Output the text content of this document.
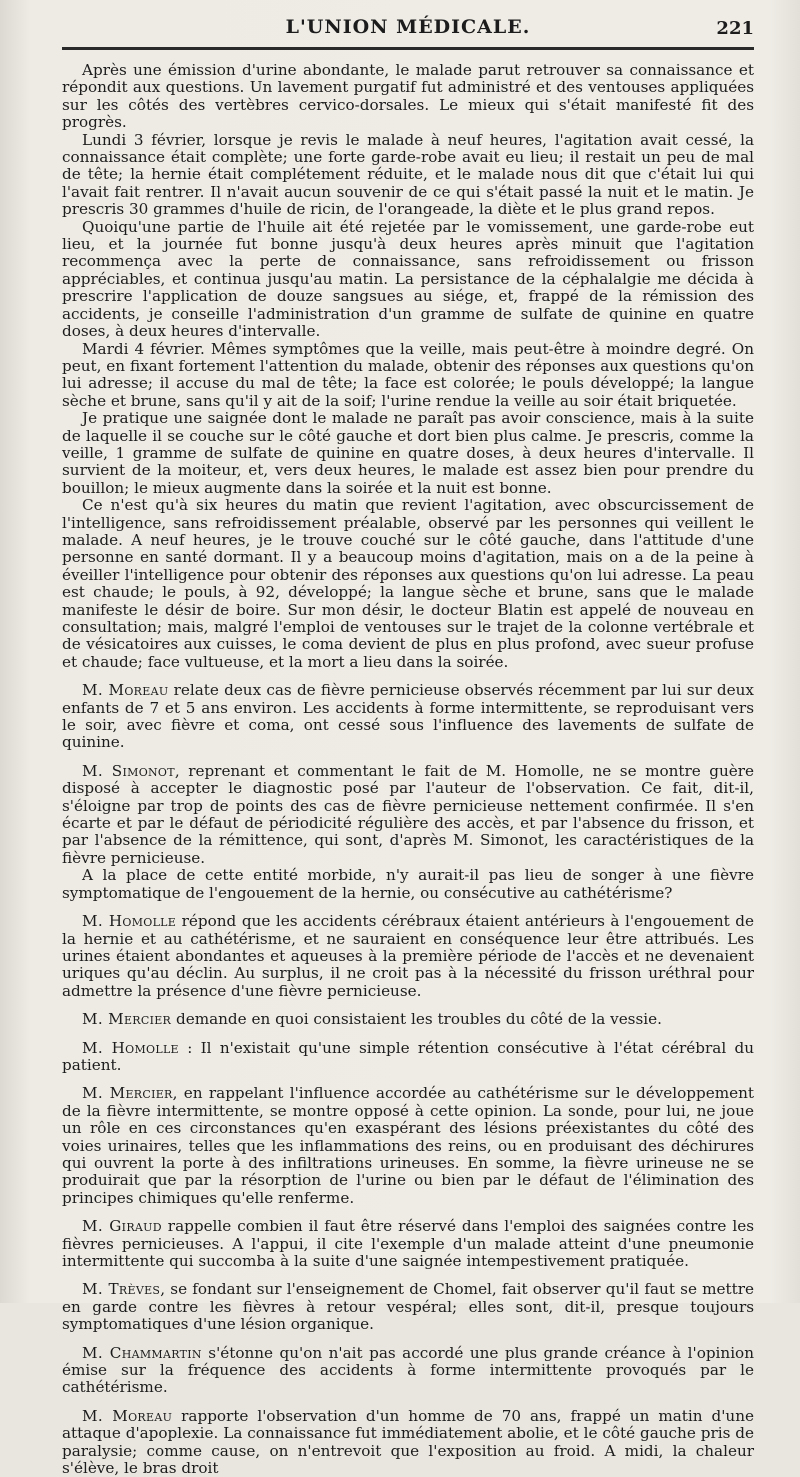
L'UNION MÉDICALE.	221

Après une émission d'urine abondante, le malade parut retrouver sa connaissance et répondit aux questions. Un lavement purgatif fut administré et des ventouses appliquées sur les côtés des vertèbres cervico-dorsales. Le mieux qui s'était manifesté fit des progrès.

Lundi 3 février, lorsque je revis le malade à neuf heures, l'agitation avait cessé, la connaissance était complète; une forte garde-robe avait eu lieu; il restait un peu de mal de tête; la hernie était complétement réduite, et le malade nous dit que c'était lui qui l'avait fait rentrer. Il n'avait aucun souvenir de ce qui s'était passé la nuit et le matin. Je prescris 30 grammes d'huile de ricin, de l'orangeade, la diète et le plus grand repos.

Quoiqu'une partie de l'huile ait été rejetée par le vomissement, une garde-robe eut lieu, et la journée fut bonne jusqu'à deux heures après minuit que l'agitation recommença avec la perte de connaissance, sans refroidissement ou frisson appréciables, et continua jusqu'au matin. La persistance de la céphalalgie me décida à prescrire l'application de douze sangsues au siége, et, frappé de la rémission des accidents, je conseille l'administration d'un gramme de sulfate de quinine en quatre doses, à deux heures d'intervalle.

Mardi 4 février. Mêmes symptômes que la veille, mais peut-être à moindre degré. On peut, en fixant fortement l'attention du malade, obtenir des réponses aux questions qu'on lui adresse; il accuse du mal de tête; la face est colorée; le pouls développé; la langue sèche et brune, sans qu'il y ait de la soif; l'urine rendue la veille au soir était briquetée.

Je pratique une saignée dont le malade ne paraît pas avoir conscience, mais à la suite de laquelle il se couche sur le côté gauche et dort bien plus calme. Je prescris, comme la veille, 1 gramme de sulfate de quinine en quatre doses, à deux heures d'intervalle. Il survient de la moiteur, et, vers deux heures, le malade est assez bien pour prendre du bouillon; le mieux augmente dans la soirée et la nuit est bonne.

Ce n'est qu'à six heures du matin que revient l'agitation, avec obscurcissement de l'intelligence, sans refroidissement préalable, observé par les personnes qui veillent le malade. A neuf heures, je le trouve couché sur le côté gauche, dans l'attitude d'une personne en santé dormant. Il y a beaucoup moins d'agitation, mais on a de la peine à éveiller l'intelligence pour obtenir des réponses aux questions qu'on lui adresse. La peau est chaude; le pouls, à 92, développé; la langue sèche et brune, sans que le malade manifeste le désir de boire. Sur mon désir, le docteur Blatin est appelé de nouveau en consultation; mais, malgré l'emploi de ventouses sur le trajet de la colonne vertébrale et de vésicatoires aux cuisses, le coma devient de plus en plus profond, avec sueur profuse et chaude; face vultueuse, et la mort a lieu dans la soirée.

M. Moreau relate deux cas de fièvre pernicieuse observés récemment par lui sur deux enfants de 7 et 5 ans environ. Les accidents à forme intermittente, se reproduisant vers le soir, avec fièvre et coma, ont cessé sous l'influence des lavements de sulfate de quinine.

M. Simonot, reprenant et commentant le fait de M. Homolle, ne se montre guère disposé à accepter le diagnostic posé par l'auteur de l'observation. Ce fait, dit-il, s'éloigne par trop de points des cas de fièvre pernicieuse nettement confirmée. Il s'en écarte et par le défaut de périodicité régulière des accès, et par l'absence du frisson, et par l'absence de la rémittence, qui sont, d'après M. Simonot, les caractéristiques de la fièvre pernicieuse.

A la place de cette entité morbide, n'y aurait-il pas lieu de songer à une fièvre symptomatique de l'engouement de la hernie, ou consécutive au cathétérisme?

M. Homolle répond que les accidents cérébraux étaient antérieurs à l'engouement de la hernie et au cathétérisme, et ne sauraient en conséquence leur être attribués. Les urines étaient abondantes et aqueuses à la première période de l'accès et ne devenaient uriques qu'au déclin. Au surplus, il ne croit pas à la nécessité du frisson uréthral pour admettre la présence d'une fièvre pernicieuse.

M. Mercier demande en quoi consistaient les troubles du côté de la vessie.

M. Homolle : Il n'existait qu'une simple rétention consécutive à l'état cérébral du patient.

M. Mercier, en rappelant l'influence accordée au cathétérisme sur le développement de la fièvre intermittente, se montre opposé à cette opinion. La sonde, pour lui, ne joue un rôle en ces circonstances qu'en exaspérant des lésions préexistantes du côté des voies urinaires, telles que les inflammations des reins, ou en produisant des déchirures qui ouvrent la porte à des infiltrations urineuses. En somme, la fièvre urineuse ne se produirait que par la résorption de l'urine ou bien par le défaut de l'élimination des principes chimiques qu'elle renferme.

M. Giraud rappelle combien il faut être réservé dans l'emploi des saignées contre les fièvres pernicieuses. A l'appui, il cite l'exemple d'un malade atteint d'une pneumonie intermittente qui succomba à la suite d'une saignée intempestivement pratiquée.

M. Trèves, se fondant sur l'enseignement de Chomel, fait observer qu'il faut se mettre en garde contre les fièvres à retour vespéral; elles sont, dit-il, presque toujours symptomatiques d'une lésion organique.

M. Chammartin s'étonne qu'on n'ait pas accordé une plus grande créance à l'opinion émise sur la fréquence des accidents à forme intermittente provoqués par le cathétérisme.

M. Moreau rapporte l'observation d'un homme de 70 ans, frappé un matin d'une attaque d'apoplexie. La connaissance fut immédiatement abolie, et le côté gauche pris de paralysie; comme cause, on n'entrevoit que l'exposition au froid. A midi, la chaleur s'élève, le bras droit
